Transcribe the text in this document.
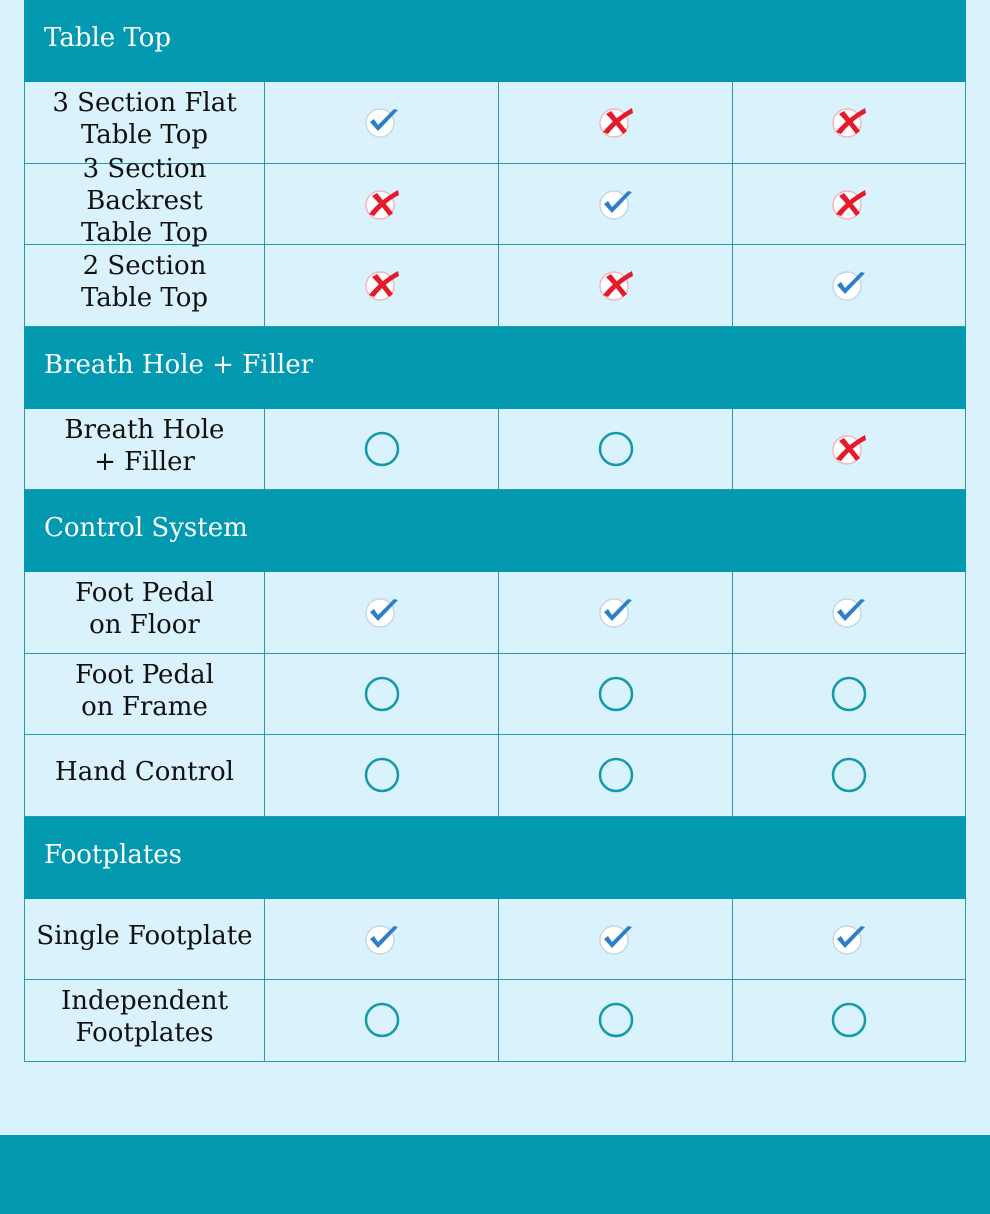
Table Top
3 Section Flat
Table Top
3 Section Backrest
Table Top
2 Section
Table Top
Breath Hole + Filler
Breath Hole
+ Filler
Control System
Foot Pedal
on Floor
Foot Pedal
on Frame
Hand Control
Footplates
Single Footplate
Independent
Footplates
